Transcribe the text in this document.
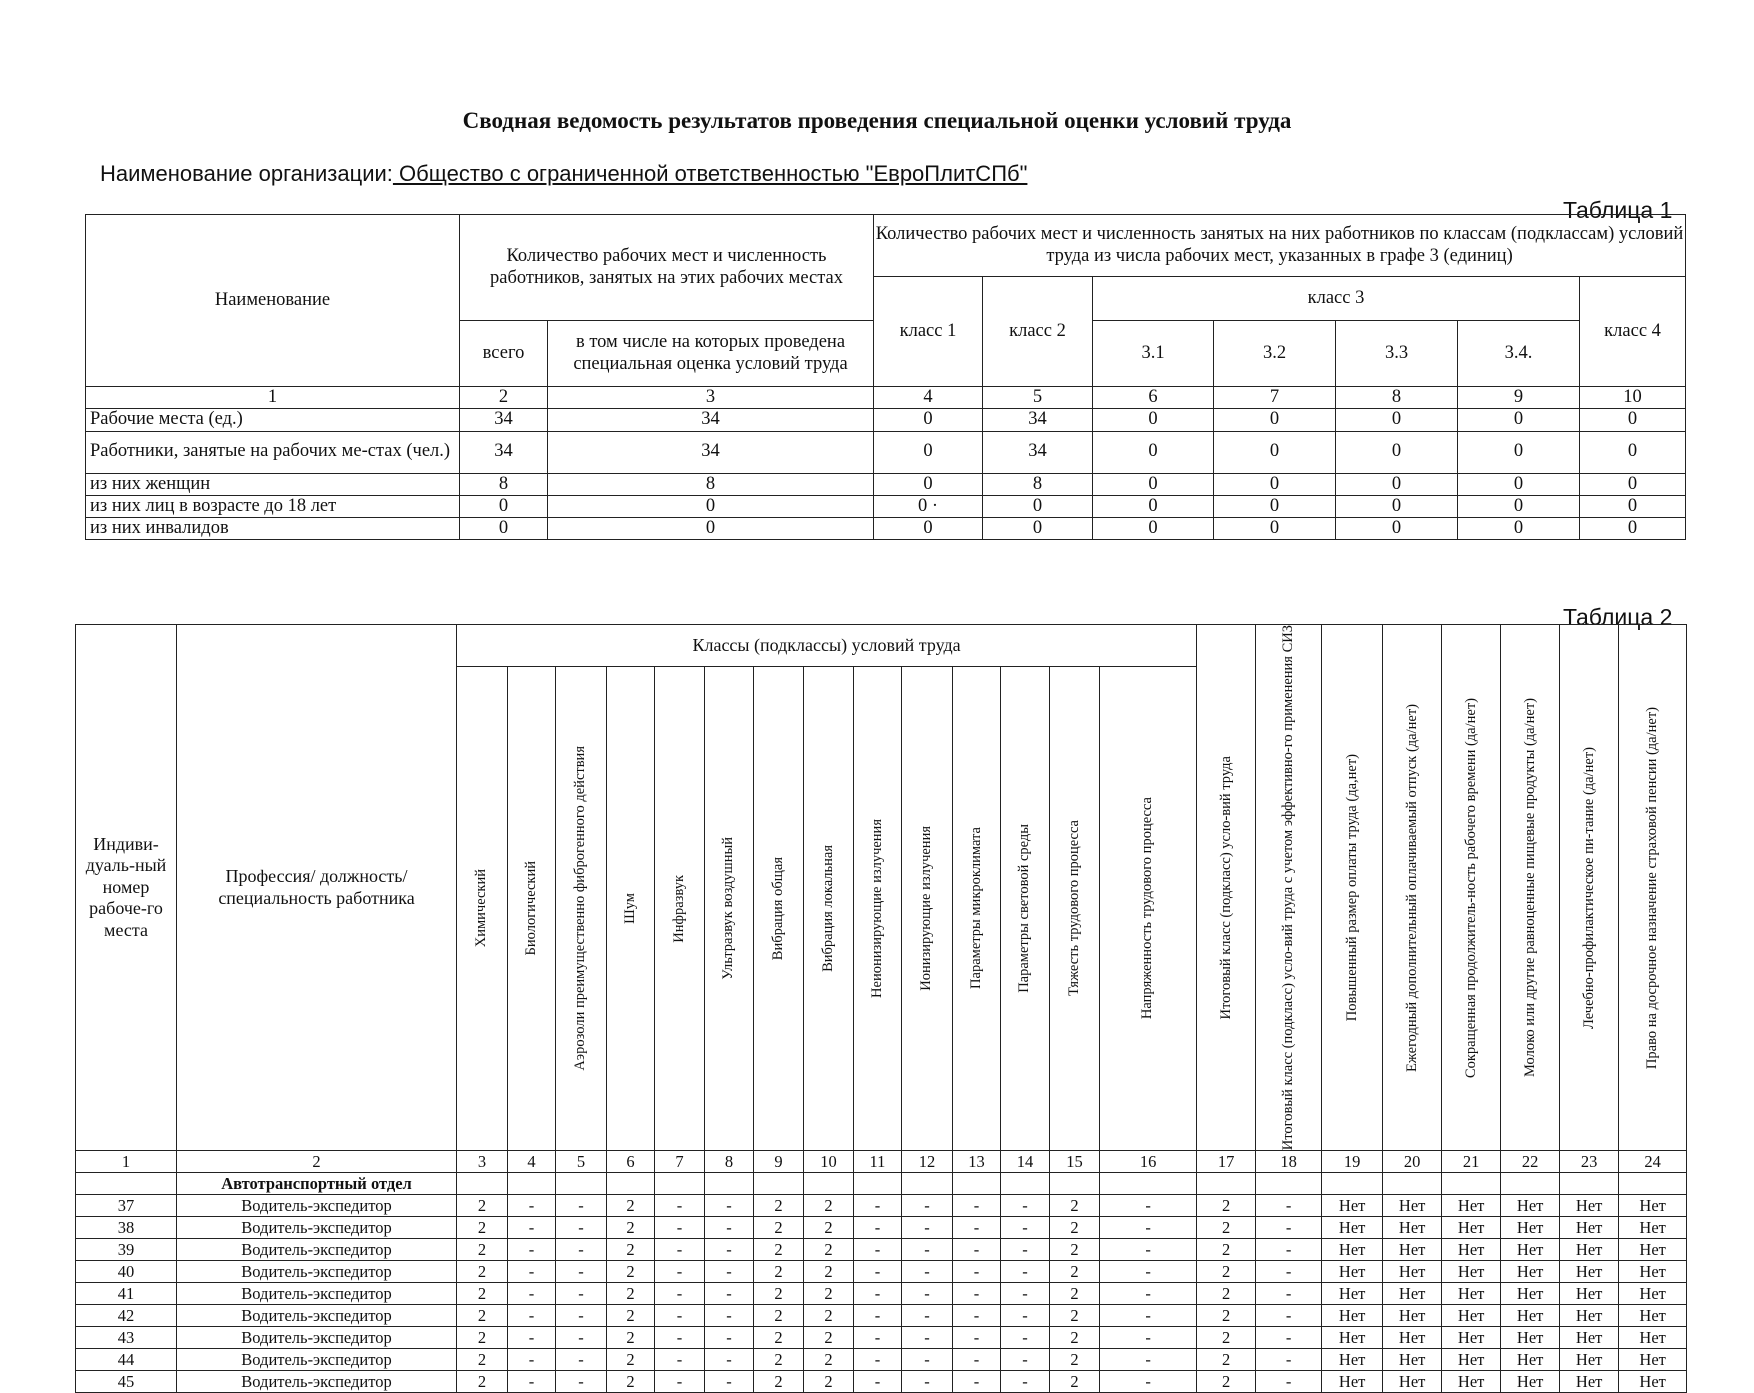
Сводная ведомость результатов проведения специальной оценки условий труда
Наименование организации: Общество с ограниченной ответственностью "ЕвроПлитСПб"
Таблица 1
Наименование	Количество рабочих мест и численность работников, занятых на этих рабочих местах		Количество рабочих мест и численность занятых на них работников по классам (подклассам) условий труда из числа рабочих мест, указанных в графе 3 (единиц)						
			класс 1	класс 2	класс 3				класс 4
	всего	в том числе на которых проведена специальная оценка условий труда			3.1	3.2	3.3	3.4.	
1	2	3	4	5	6	7	8	9	10
Рабочие места (ед.)	34	34	0	34	0	0	0	0	0
Работники, занятые на рабочих ме-стах (чел.)	34	34	0	34	0	0	0	0	0
из них женщин	8	8	0	8	0	0	0	0	0
из них лиц в возрасте до 18 лет	0	0	0 ·	0	0	0	0	0	0
из них инвалидов	0	0	0	0	0	0	0	0	0
Таблица 2
Индиви-дуаль-ный номер рабоче-го места	Профессия/ должность/ специальность работника	Классы (подклассы) условий труда														Итоговый класс (подкласс) усло-вий труда	Итоговый класс (подкласс) усло-вий труда с учетом эффективно-го применения СИЗ	Повышенный размер оплаты труда (да,нет)	Ежегодный дополнительный оплачиваемый отпуск (да/нет)	Сокращенная продолжитель-ность рабочего времени (да/нет)	Молоко или другие равноценные пищевые продукты (да/нет)	Лечебно-профилактическое пи-тание (да/нет)	Право на досрочное назначение страховой пенсии (да/нет)

		Химический	Биологический	Аэрозоли преимущественно фиброгенного действия	Шум	Инфразвук	Ультразвук воздушный	Вибрация общая	Вибрация локальная	Неионизирующие излучения	Ионизирующие излучения	Параметры микроклимата	Параметры световой среды	Тяжесть трудового процесса	Напряженность трудового процесса								

1	2	3	4	5	6	7	8	9	10	11	12	13	14	15	16	17	18	19	20	21	22	23	24
	Автотранспортный отдел																						
37	Водитель-экспедитор	2	-	-	2	-	-	2	2	-	-	-	-	2	-	2	-	Нет	Нет	Нет	Нет	Нет	Нет
38	Водитель-экспедитор	2	-	-	2	-	-	2	2	-	-	-	-	2	-	2	-	Нет	Нет	Нет	Нет	Нет	Нет
39	Водитель-экспедитор	2	-	-	2	-	-	2	2	-	-	-	-	2	-	2	-	Нет	Нет	Нет	Нет	Нет	Нет
40	Водитель-экспедитор	2	-	-	2	-	-	2	2	-	-	-	-	2	-	2	-	Нет	Нет	Нет	Нет	Нет	Нет
41	Водитель-экспедитор	2	-	-	2	-	-	2	2	-	-	-	-	2	-	2	-	Нет	Нет	Нет	Нет	Нет	Нет
42	Водитель-экспедитор	2	-	-	2	-	-	2	2	-	-	-	-	2	-	2	-	Нет	Нет	Нет	Нет	Нет	Нет
43	Водитель-экспедитор	2	-	-	2	-	-	2	2	-	-	-	-	2	-	2	-	Нет	Нет	Нет	Нет	Нет	Нет
44	Водитель-экспедитор	2	-	-	2	-	-	2	2	-	-	-	-	2	-	2	-	Нет	Нет	Нет	Нет	Нет	Нет
45	Водитель-экспедитор	2	-	-	2	-	-	2	2	-	-	-	-	2	-	2	-	Нет	Нет	Нет	Нет	Нет	Нет
